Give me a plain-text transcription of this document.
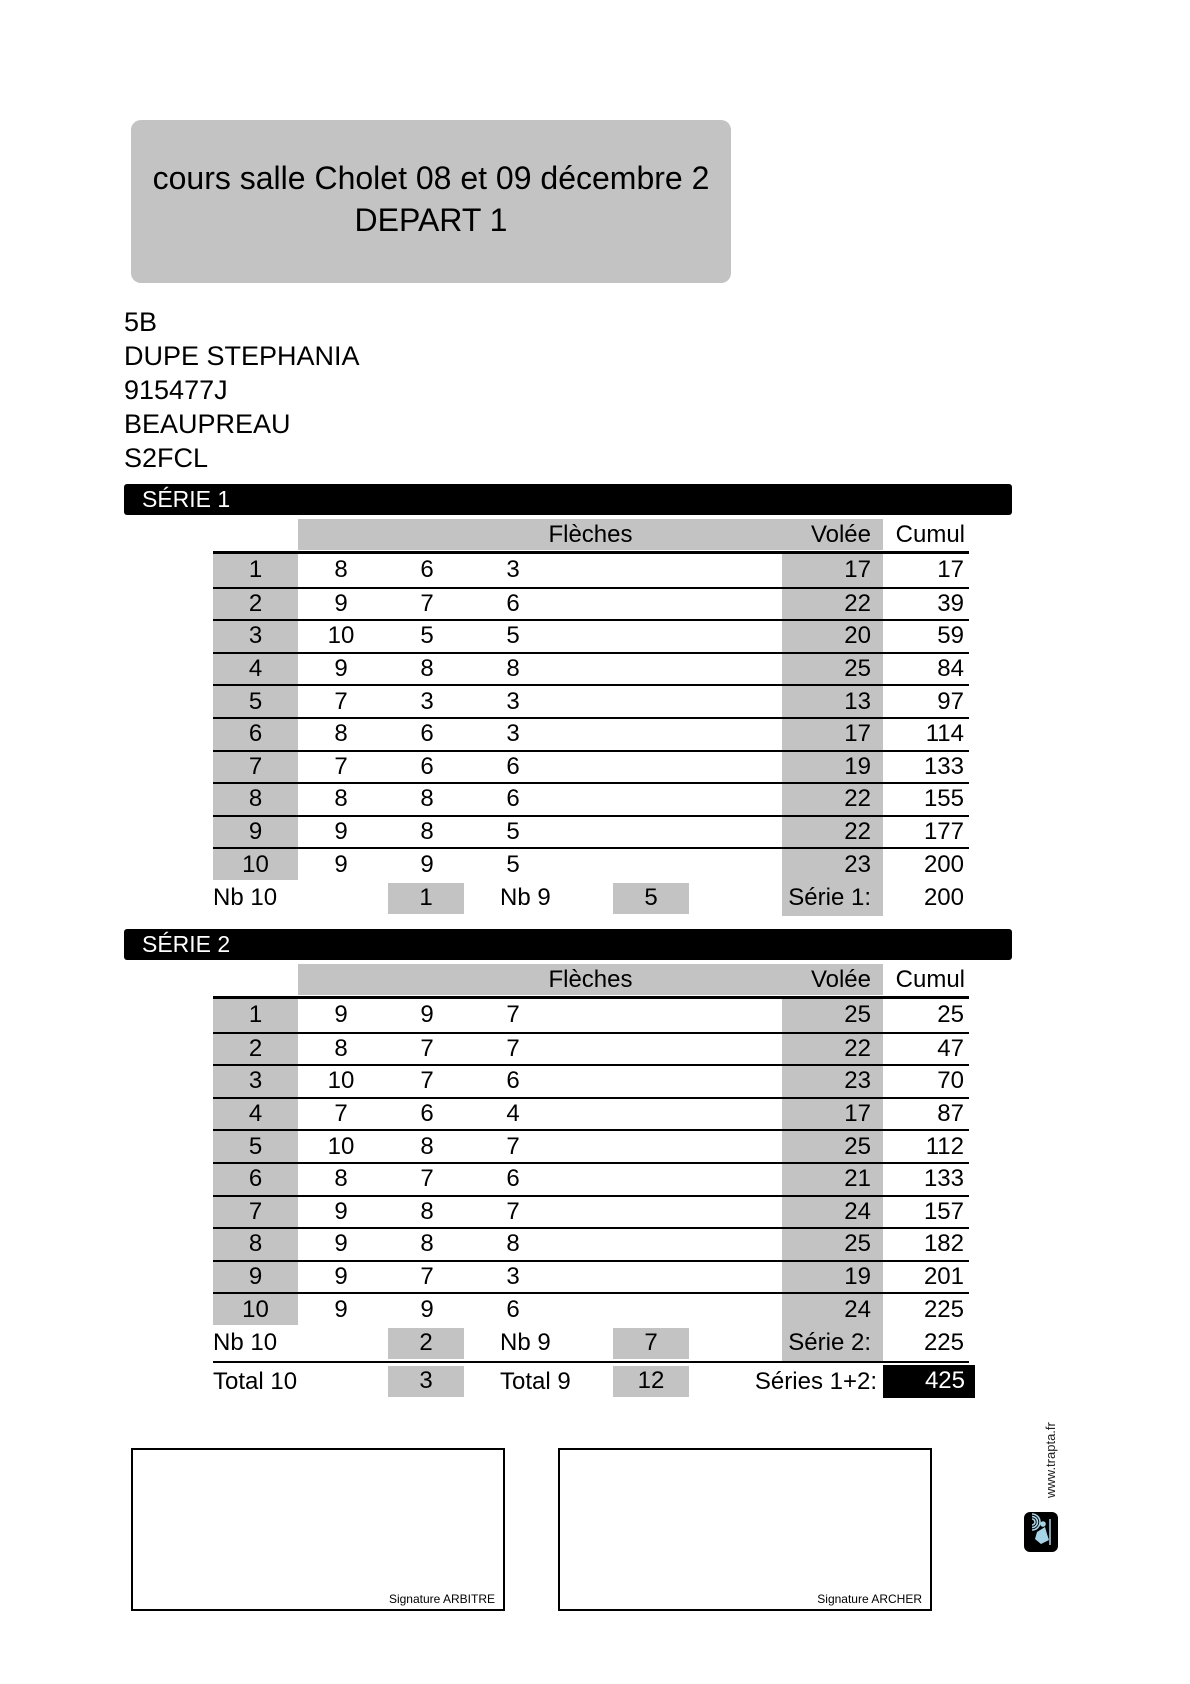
cours salle Cholet 08 et 09 décembre 2
DEPART 1
5B
DUPE STEPHANIA
915477J
BEAUPREAU
S2FCL
SÉRIE 1
Flèches	Volée	Cumul
1	8	6	3	17	17
2	9	7	6	22	39
3	10	5	5	20	59
4	9	8	8	25	84
5	7	3	3	13	97
6	8	6	3	17	114
7	7	6	6	19	133
8	8	8	6	22	155
9	9	8	5	22	177
10	9	9	5	23	200
Nb 10	1	Nb 9	5	Série 1:	200
SÉRIE 2
Flèches	Volée	Cumul
1	9	9	7	25	25
2	8	7	7	22	47
3	10	7	6	23	70
4	7	6	4	17	87
5	10	8	7	25	112
6	8	7	6	21	133
7	9	8	7	24	157
8	9	8	8	25	182
9	9	7	3	19	201
10	9	9	6	24	225
Nb 10	2	Nb 9	7	Série 2:	225
Total 10	3	Total 9	12	Séries 1+2:	425
Signature ARBITRE	Signature ARCHER
www.trapta.fr
